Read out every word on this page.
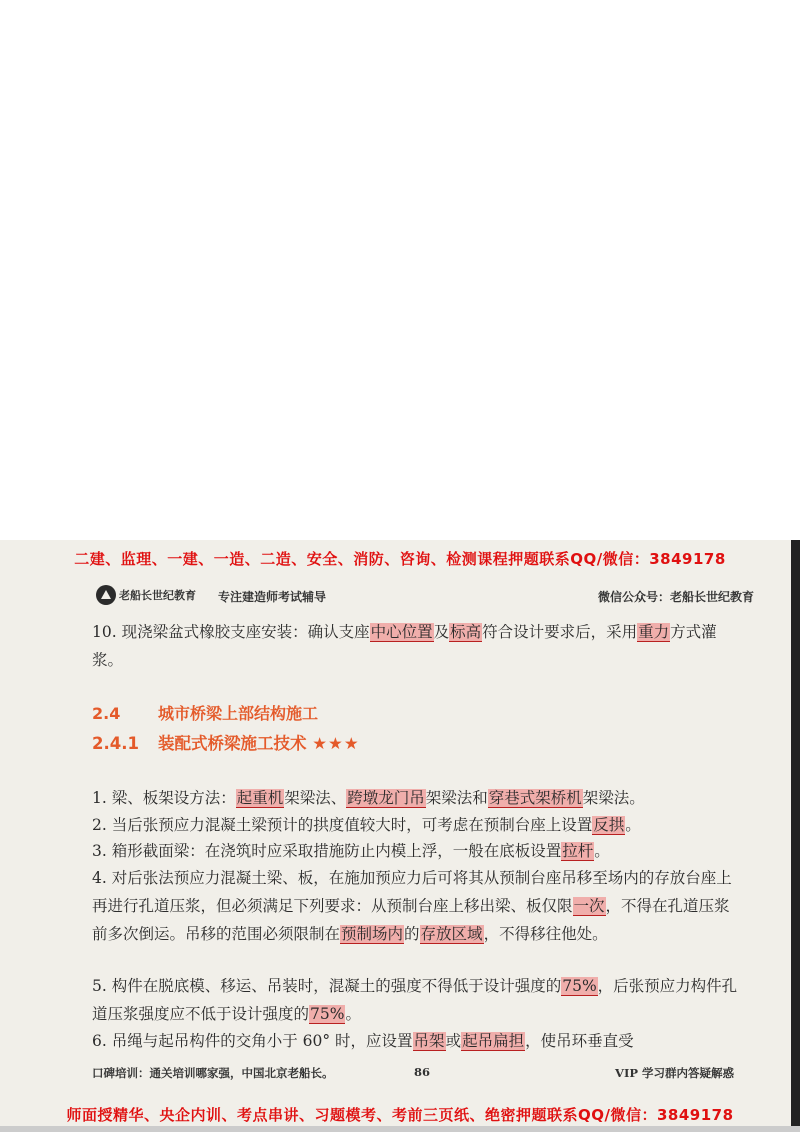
二建、监理、一建、一造、二造、安全、消防、咨询、检测课程押题联系QQ/微信：3849178
老船长世纪教育 专注建造师考试辅导	微信公众号：老船长世纪教育
10. 现浇梁盆式橡胶支座安装：确认支座中心位置及标高符合设计要求后，采用重力方式灌浆。
2.4 城市桥梁上部结构施工
2.4.1 装配式桥梁施工技术 ★★★
1. 梁、板架设方法：起重机架梁法、跨墩龙门吊架梁法和穿巷式架桥机架梁法。
2. 当后张预应力混凝土梁预计的拱度值较大时，可考虑在预制台座上设置反拱。
3. 箱形截面梁：在浇筑时应采取措施防止内模上浮，一般在底板设置拉杆。
4. 对后张法预应力混凝土梁、板，在施加预应力后可将其从预制台座吊移至场内的存放台座上再进行孔道压浆，但必须满足下列要求：从预制台座上移出梁、板仅限一次，不得在孔道压浆前多次倒运。吊移的范围必须限制在预制场内的存放区域，不得移往他处。
5. 构件在脱底模、移运、吊装时，混凝土的强度不得低于设计强度的75%，后张预应力构件孔道压浆强度应不低于设计强度的75%。
6. 吊绳与起吊构件的交角小于 60° 时，应设置吊架或起吊扁担，使吊环垂直受
口碑培训：通关培训哪家强，中国北京老船长。	86	VIP 学习群内答疑解惑
师面授精华、央企内训、考点串讲、习题模考、考前三页纸、绝密押题联系QQ/微信：3849178
